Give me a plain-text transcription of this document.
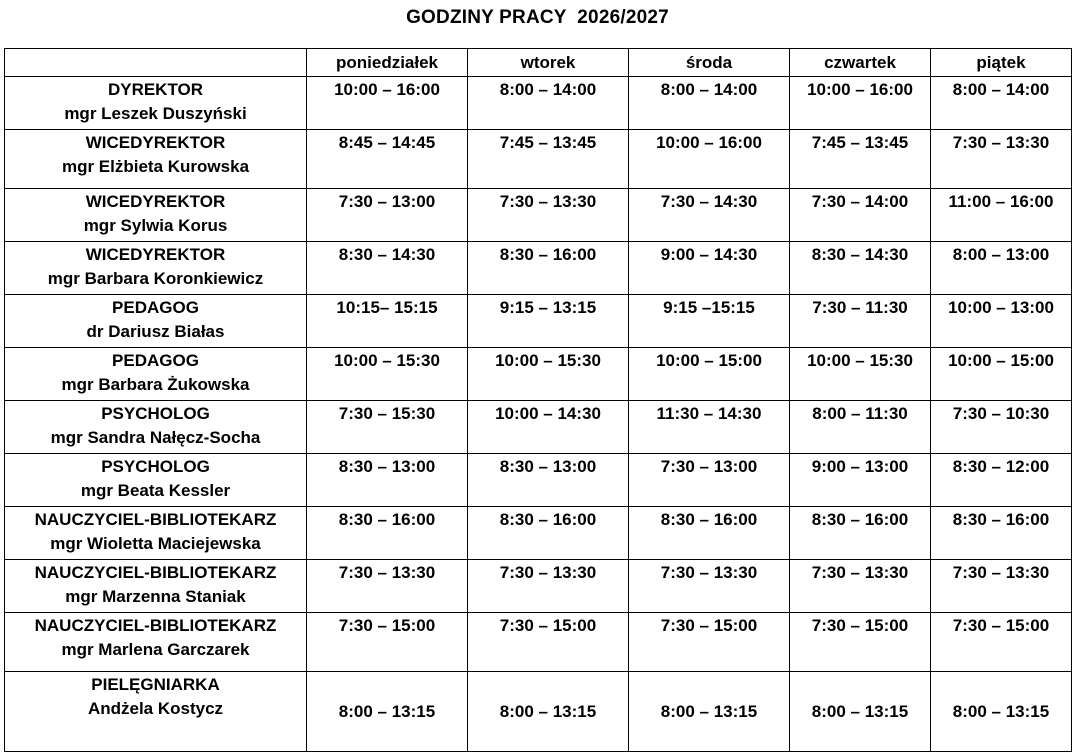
GODZINY PRACY  2026/2027
	poniedziałek	wtorek	środa	czwartek	piątek

DYREKTOR
mgr Leszek Duszyński	10:00 – 16:00	8:00 – 14:00	8:00 – 14:00	10:00 – 16:00	8:00 – 14:00

WICEDYREKTOR
mgr Elżbieta Kurowska	8:45 – 14:45	7:45 – 13:45	10:00 – 16:00	7:45 – 13:45	7:30 – 13:30

WICEDYREKTOR
mgr Sylwia Korus	7:30 – 13:00	7:30 – 13:30	7:30 – 14:30	7:30 – 14:00	11:00 – 16:00

WICEDYREKTOR
mgr Barbara Koronkiewicz	8:30 – 14:30	8:30 – 16:00	9:00 – 14:30	8:30 – 14:30	8:00 – 13:00

PEDAGOG
dr Dariusz Białas	10:15– 15:15	9:15 – 13:15	9:15 –15:15	7:30 – 11:30	10:00 – 13:00

PEDAGOG
mgr Barbara Żukowska	10:00 – 15:30	10:00 – 15:30	10:00 – 15:00	10:00 – 15:30	10:00 – 15:00

PSYCHOLOG
mgr Sandra Nałęcz-Socha	7:30 – 15:30	10:00 – 14:30	11:30 – 14:30	8:00 – 11:30	7:30 – 10:30

PSYCHOLOG
mgr Beata Kessler	8:30 – 13:00	8:30 – 13:00	7:30 – 13:00	9:00 – 13:00	8:30 – 12:00

NAUCZYCIEL-BIBLIOTEKARZ
mgr Wioletta Maciejewska	8:30 – 16:00	8:30 – 16:00	8:30 – 16:00	8:30 – 16:00	8:30 – 16:00

NAUCZYCIEL-BIBLIOTEKARZ
mgr Marzenna Staniak	7:30 – 13:30	7:30 – 13:30	7:30 – 13:30	7:30 – 13:30	7:30 – 13:30

NAUCZYCIEL-BIBLIOTEKARZ
mgr Marlena Garczarek	7:30 – 15:00	7:30 – 15:00	7:30 – 15:00	7:30 – 15:00	7:30 – 15:00

PIELĘGNIARKA
Andżela Kostycz	8:00 – 13:15	8:00 – 13:15	8:00 – 13:15	8:00 – 13:15	8:00 – 13:15
